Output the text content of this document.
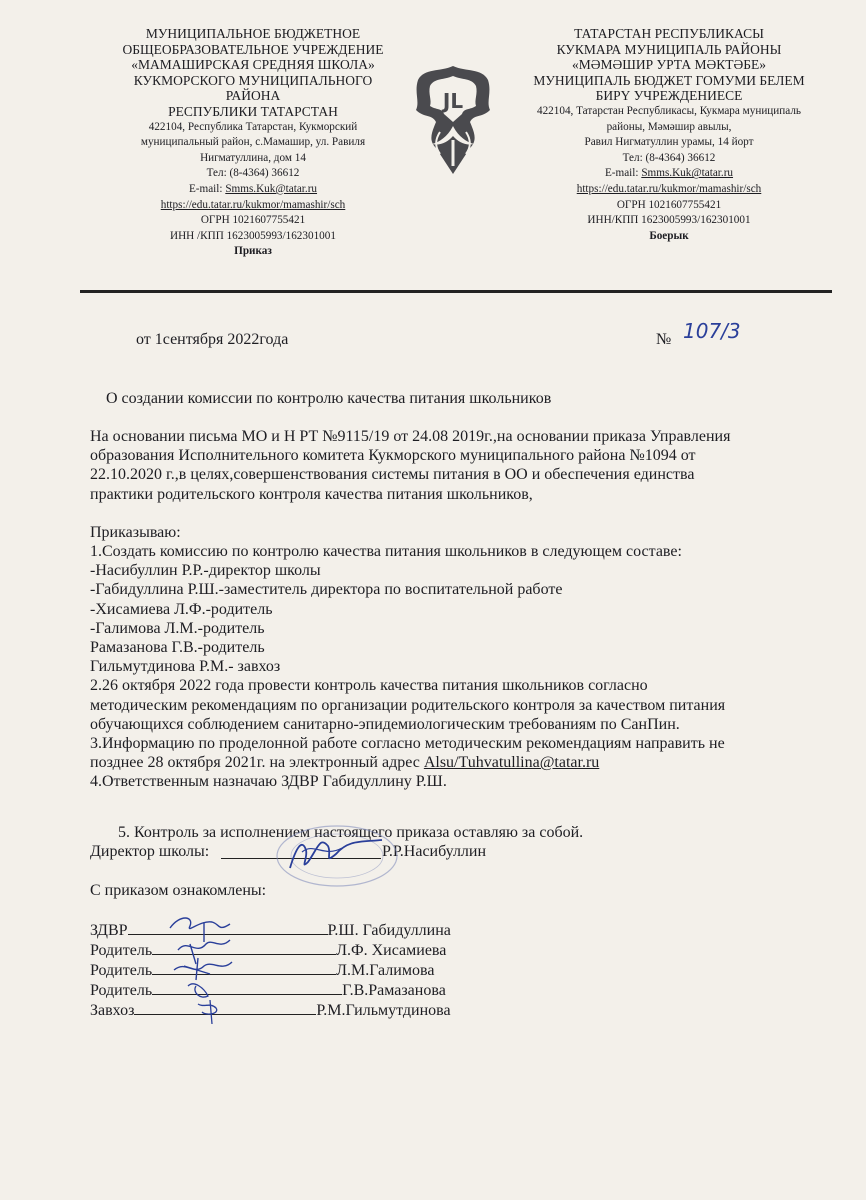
МУНИЦИПАЛЬНОЕ БЮДЖЕТНОЕ
ОБЩЕОБРАЗОВАТЕЛЬНОЕ УЧРЕЖДЕНИЕ
«МАМАШИРСКАЯ СРЕДНЯЯ ШКОЛА»
КУКМОРСКОГО МУНИЦИПАЛЬНОГО
РАЙОНА
РЕСПУБЛИКИ ТАТАРСТАН
422104, Республика Татарстан, Кукморский
муниципальный район, с.Мамашир, ул. Равиля
Нигматуллина, дом 14
Тел: (8-4364) 36612
E-mail: Smms.Kuk@tatar.ru
https://edu.tatar.ru/kukmor/mamashir/sch
ОГРН 1021607755421
ИНН /КПП 1623005993/162301001
Приказ
JL
ТАТАРСТАН РЕСПУБЛИКАСЫ
КУКМАРА МУНИЦИПАЛЬ РАЙОНЫ
«МӘМӘШИР УРТА МӘКТӘБЕ»
МУНИЦИПАЛЬ БЮДЖЕТ ГОМУМИ БЕЛЕМ
БИРҮ УЧРЕЖДЕНИЕСЕ
422104, Татарстан Республикасы, Кукмара муниципаль
районы, Мәмәшир авылы,
Равил Нигматуллин урамы, 14 йорт
Тел: (8-4364) 36612
E-mail: Smms.Kuk@tatar.ru
https://edu.tatar.ru/kukmor/mamashir/sch
ОГРН 1021607755421
ИНН/КПП 1623005993/162301001
Боерык
от 1сентября 2022года	№ 107/3
О создании комиссии по контролю качества питания школьников
На основании письма МО и Н РТ №9115/19 от 24.08 2019г.,на основании приказа Управления
образования Исполнительного комитета Кукморского муниципального района №1094 от
22.10.2020 г.,в целях,совершенствования системы питания в ОО и обеспечения единства
практики родительского контроля качества питания школьников,
Приказываю:
1.Создать комиссию по контролю качества питания школьников в следующем составе:
-Насибуллин Р.Р.-директор школы
-Габидуллина Р.Ш.-заместитель директора по воспитательной работе
-Хисамиева Л.Ф.-родитель
-Галимова Л.М.-родитель
Рамазанова Г.В.-родитель
Гильмутдинова Р.М.- завхоз
2.26 октября 2022 года провести контроль качества питания школьников согласно
методическим рекомендациям по организации родительского контроля за качеством питания
обучающихся соблюдением санитарно-эпидемиологическим требованиям по СанПин.
3.Информацию по проделонной работе согласно методическим рекомендациям направить не
позднее 28 октября 2021г. на электронный адрес Alsu/Tuhvatullina@tatar.ru
4.Ответственным назначаю ЗДВР Габидуллину Р.Ш.
5. Контроль за исполнением настоящего приказа оставляю за собой.
Директор школы:	Р.Р.Насибуллин
С приказом ознакомлены:
ЗДВР	Р.Ш. Габидуллина
Родитель	Л.Ф. Хисамиева
Родитель	Л.М.Галимова
Родитель	Г.В.Рамазанова
Завхоз	Р.М.Гильмутдинова
